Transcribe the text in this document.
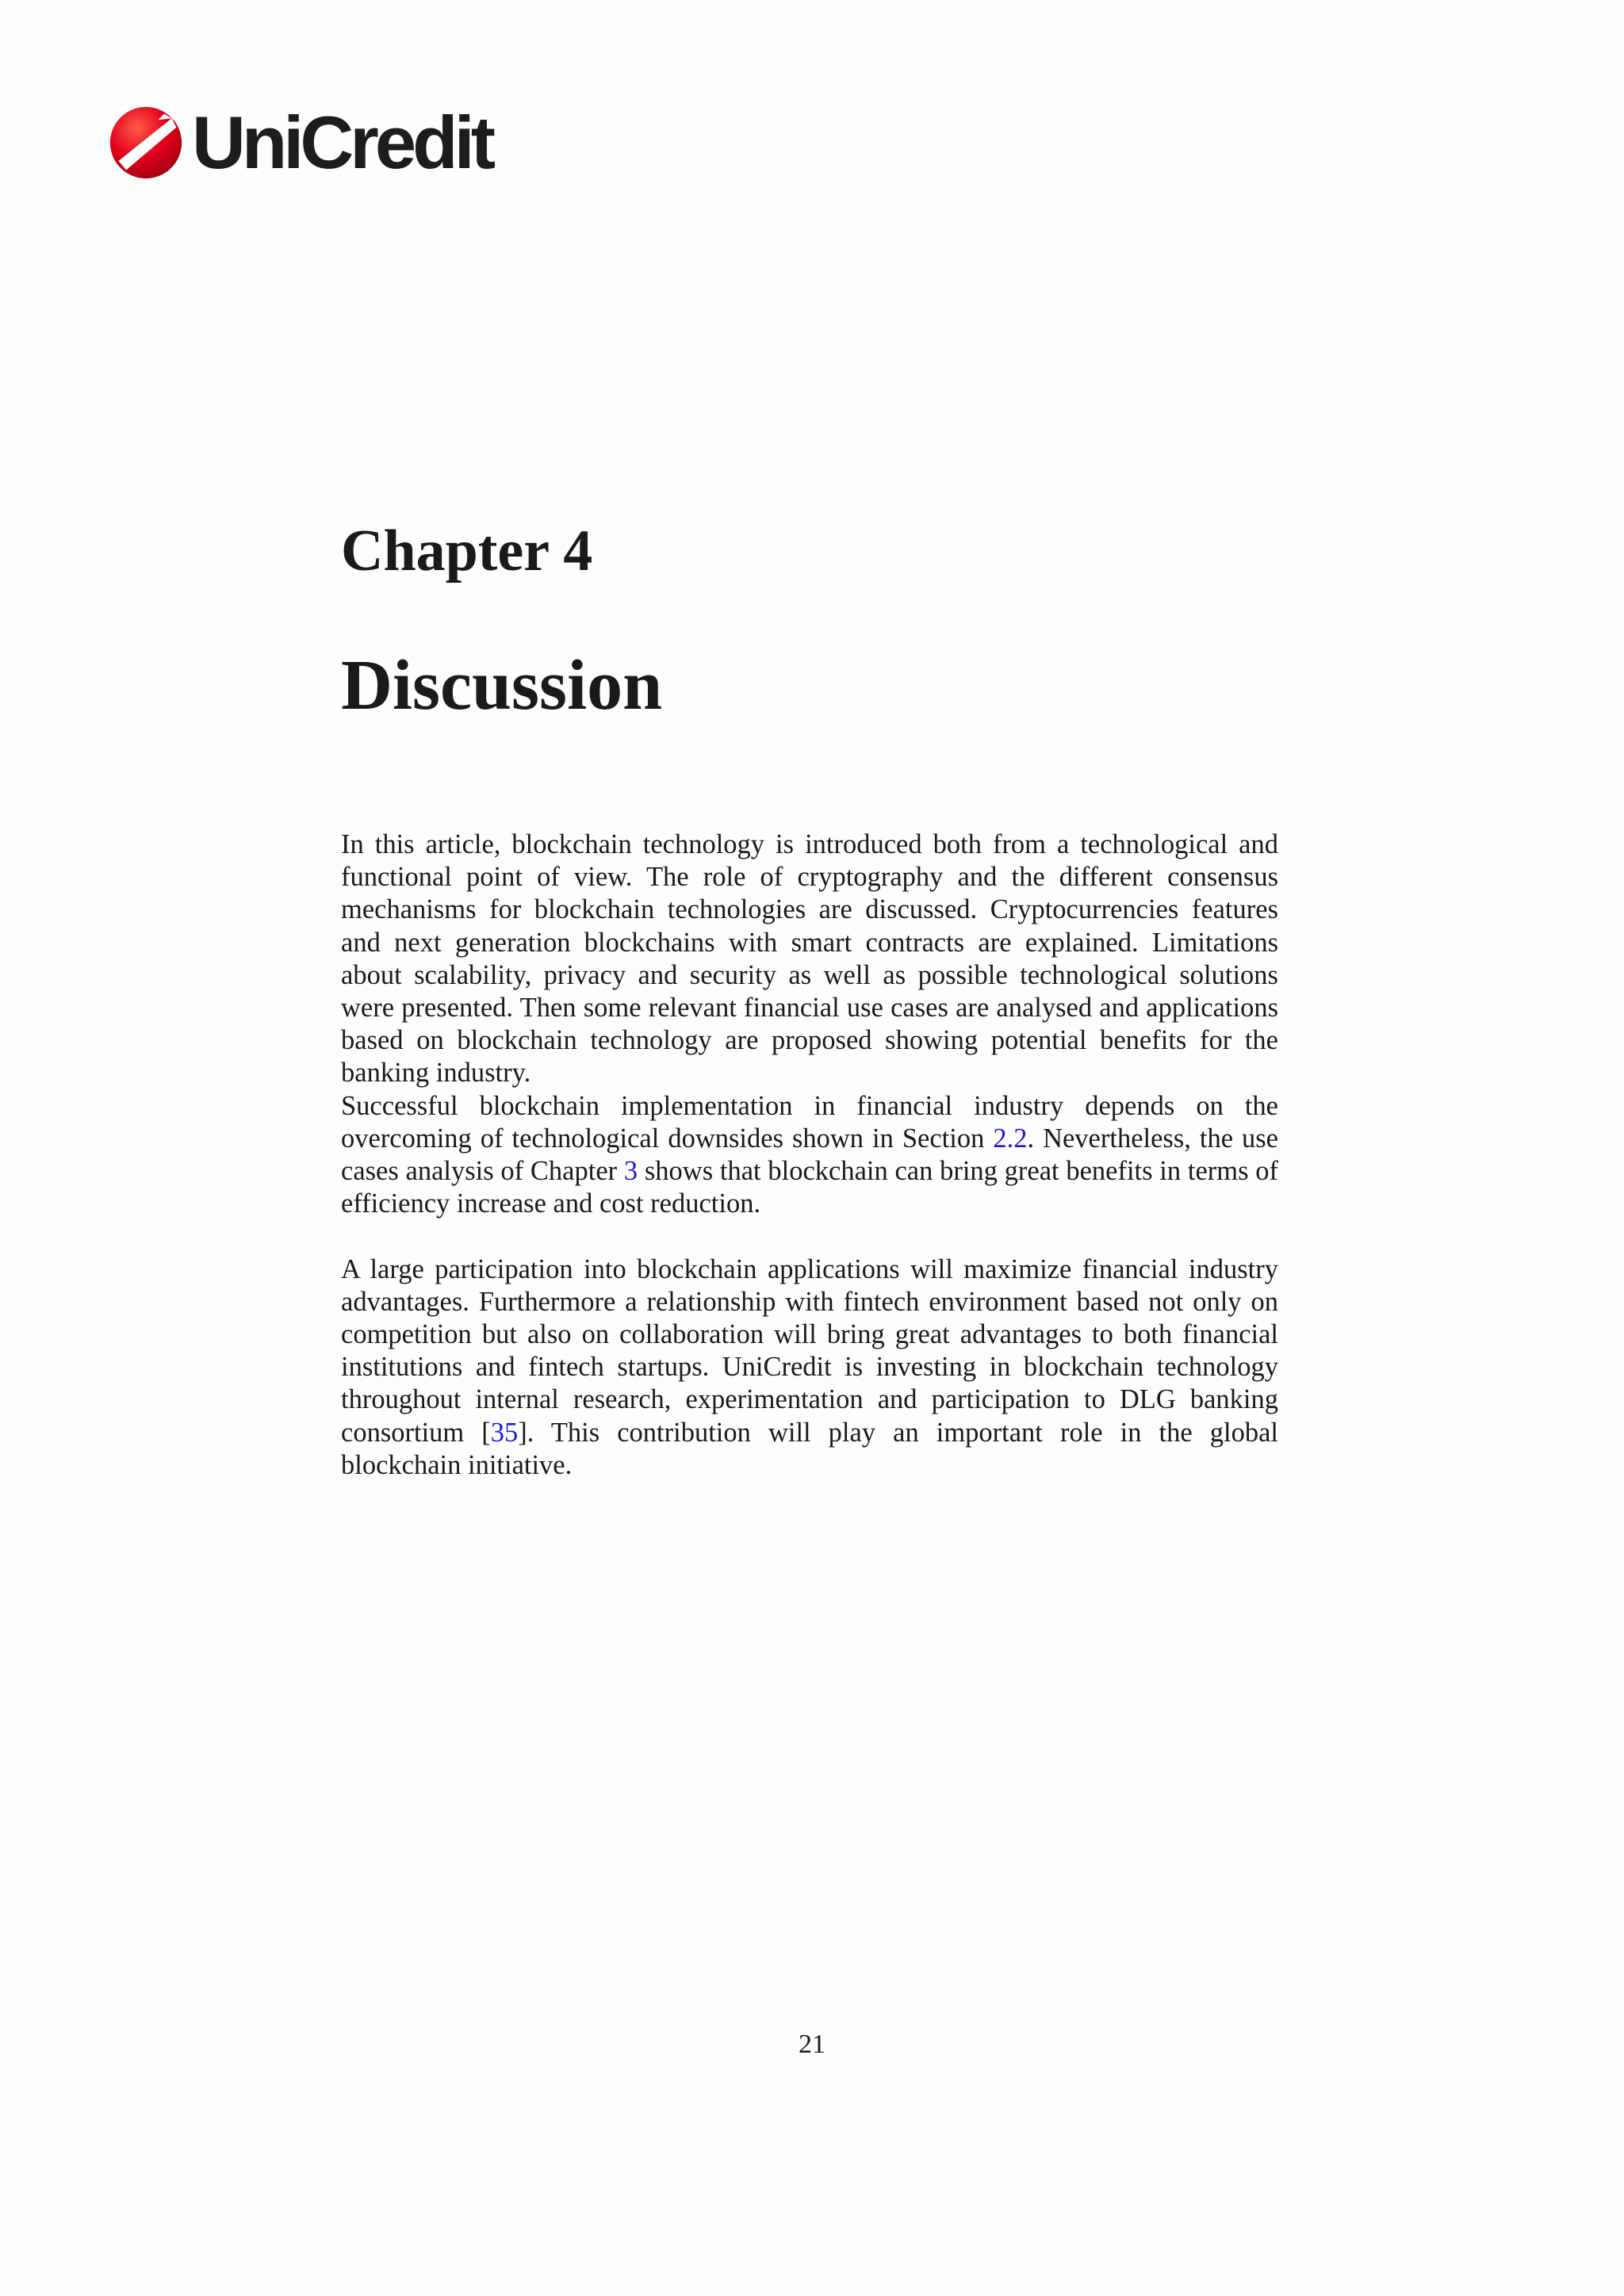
UniCredit
Chapter 4
Discussion

In this article, blockchain technology is introduced both from a technological and functional point of view. The role of cryptography and the different consensus mechanisms for blockchain technologies are discussed. Cryptocurrencies features and next generation blockchains with smart contracts are explained. Limitations about scalability, privacy and security as well as possible technological solutions were presented. Then some relevant financial use cases are analysed and applications based on blockchain technology are proposed showing potential benefits for the banking industry.

Successful blockchain implementation in financial industry depends on the overcoming of technological downsides shown in Section 2.2. Nevertheless, the use cases analysis of Chapter 3 shows that blockchain can bring great benefits in terms of efficiency increase and cost reduction.

A large participation into blockchain applications will maximize financial industry advantages. Furthermore a relationship with fintech environment based not only on competition but also on collaboration will bring great advantages to both financial institutions and fintech startups. UniCredit is investing in blockchain technology throughout internal research, experimentation and participation to DLG banking consortium [35]. This contribution will play an important role in the global blockchain initiative.

21
